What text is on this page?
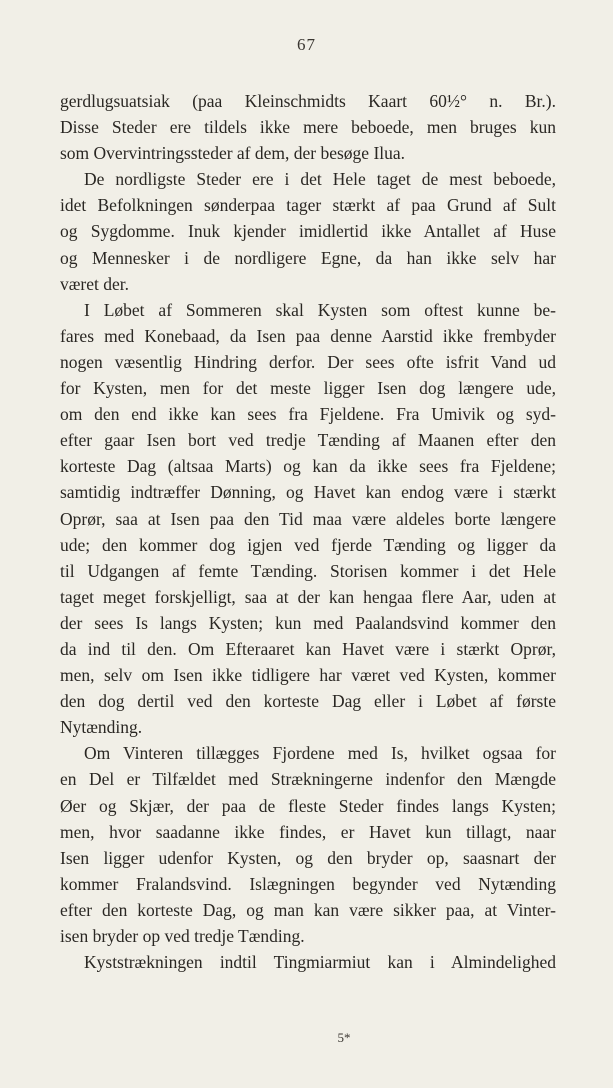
67
gerdlugsuatsiak (paa Kleinschmidts Kaart 60½° n. Br.).
Disse Steder ere tildels ikke mere beboede, men bruges kun
som Overvintringssteder af dem, der besøge Ilua.
De nordligste Steder ere i det Hele taget de mest beboede,
idet Befolkningen sønderpaa tager stærkt af paa Grund af Sult
og Sygdomme. Inuk kjender imidlertid ikke Antallet af Huse
og Mennesker i de nordligere Egne, da han ikke selv har
været der.
I Løbet af Sommeren skal Kysten som oftest kunne be-
fares med Konebaad, da Isen paa denne Aarstid ikke frembyder
nogen væsentlig Hindring derfor. Der sees ofte isfrit Vand ud
for Kysten, men for det meste ligger Isen dog længere ude,
om den end ikke kan sees fra Fjeldene. Fra Umivik og syd-
efter gaar Isen bort ved tredje Tænding af Maanen efter den
korteste Dag (altsaa Marts) og kan da ikke sees fra Fjeldene;
samtidig indtræffer Dønning, og Havet kan endog være i stærkt
Oprør, saa at Isen paa den Tid maa være aldeles borte længere
ude; den kommer dog igjen ved fjerde Tænding og ligger da
til Udgangen af femte Tænding. Storisen kommer i det Hele
taget meget forskjelligt, saa at der kan hengaa flere Aar, uden at
der sees Is langs Kysten; kun med Paalandsvind kommer den
da ind til den. Om Efteraaret kan Havet være i stærkt Oprør,
men, selv om Isen ikke tidligere har været ved Kysten, kommer
den dog dertil ved den korteste Dag eller i Løbet af første
Nytænding.
Om Vinteren tillægges Fjordene med Is, hvilket ogsaa for
en Del er Tilfældet med Strækningerne indenfor den Mængde
Øer og Skjær, der paa de fleste Steder findes langs Kysten;
men, hvor saadanne ikke findes, er Havet kun tillagt, naar
Isen ligger udenfor Kysten, og den bryder op, saasnart der
kommer Fralandsvind. Islægningen begynder ved Nytænding
efter den korteste Dag, og man kan være sikker paa, at Vinter-
isen bryder op ved tredje Tænding.
Kyststrækningen indtil Tingmiarmiut kan i Almindelighed
5*
